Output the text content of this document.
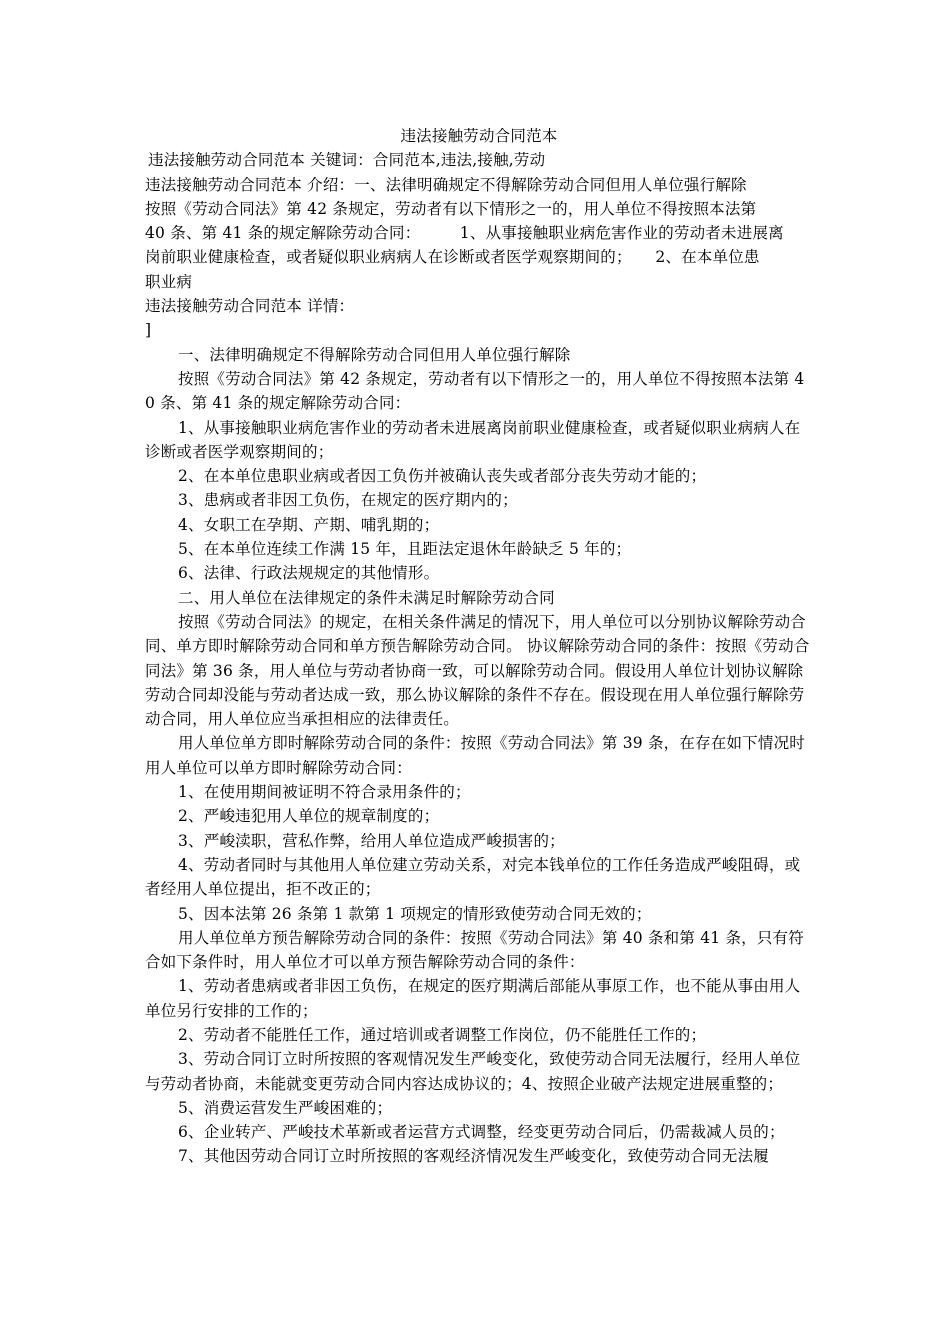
违法接触劳动合同范本

违法接触劳动合同范本 关键词：合同范本,违法,接触,劳动

违法接触劳动合同范本 介绍：一、法律明确规定不得解除劳动合同但用人单位强行解除

按照《劳动合同法》第 42 条规定，劳动者有以下情形之一的，用人单位不得按照本法第

40 条、第 41 条的规定解除劳动合同：　　　1、从事接触职业病危害作业的劳动者未进展离

岗前职业健康检查，或者疑似职业病病人在诊断或者医学观察期间的；　　2、在本单位患

职业病

违法接触劳动合同范本 详情：

]

一、法律明确规定不得解除劳动合同但用人单位强行解除

按照《劳动合同法》第 42 条规定，劳动者有以下情形之一的，用人单位不得按照本法第 40 条、第 41 条的规定解除劳动合同：

1、从事接触职业病危害作业的劳动者未进展离岗前职业健康检查，或者疑似职业病病人在诊断或者医学观察期间的；

2、在本单位患职业病或者因工负伤并被确认丧失或者部分丧失劳动才能的；

3、患病或者非因工负伤，在规定的医疗期内的；

4、女职工在孕期、产期、哺乳期的；

5、在本单位连续工作满 15 年，且距法定退休年龄缺乏 5 年的；

6、法律、行政法规规定的其他情形。

二、用人单位在法律规定的条件未满足时解除劳动合同

按照《劳动合同法》的规定，在相关条件满足的情况下，用人单位可以分别协议解除劳动合同、单方即时解除劳动合同和单方预告解除劳动合同。 协议解除劳动合同的条件：按照《劳动合同法》第 36 条，用人单位与劳动者协商一致，可以解除劳动合同。假设用人单位计划协议解除劳动合同却没能与劳动者达成一致，那么协议解除的条件不存在。假设现在用人单位强行解除劳动合同，用人单位应当承担相应的法律责任。

用人单位单方即时解除劳动合同的条件：按照《劳动合同法》第 39 条，在存在如下情况时用人单位可以单方即时解除劳动合同：

1、在使用期间被证明不符合录用条件的；

2、严峻违犯用人单位的规章制度的；

3、严峻渎职，营私作弊，给用人单位造成严峻损害的；

4、劳动者同时与其他用人单位建立劳动关系，对完本钱单位的工作任务造成严峻阻碍，或者经用人单位提出，拒不改正的；

5、因本法第 26 条第 1 款第 1 项规定的情形致使劳动合同无效的；

用人单位单方预告解除劳动合同的条件：按照《劳动合同法》第 40 条和第 41 条，只有符合如下条件时，用人单位才可以单方预告解除劳动合同的条件：

1、劳动者患病或者非因工负伤，在规定的医疗期满后部能从事原工作，也不能从事由用人单位另行安排的工作的；

2、劳动者不能胜任工作，通过培训或者调整工作岗位，仍不能胜任工作的；

3、劳动合同订立时所按照的客观情况发生严峻变化，致使劳动合同无法履行，经用人单位与劳动者协商，未能就变更劳动合同内容达成协议的；4、按照企业破产法规定进展重整的；

5、消费运营发生严峻困难的；

6、企业转产、严峻技术革新或者运营方式调整，经变更劳动合同后，仍需裁减人员的；

7、其他因劳动合同订立时所按照的客观经济情况发生严峻变化，致使劳动合同无法履
